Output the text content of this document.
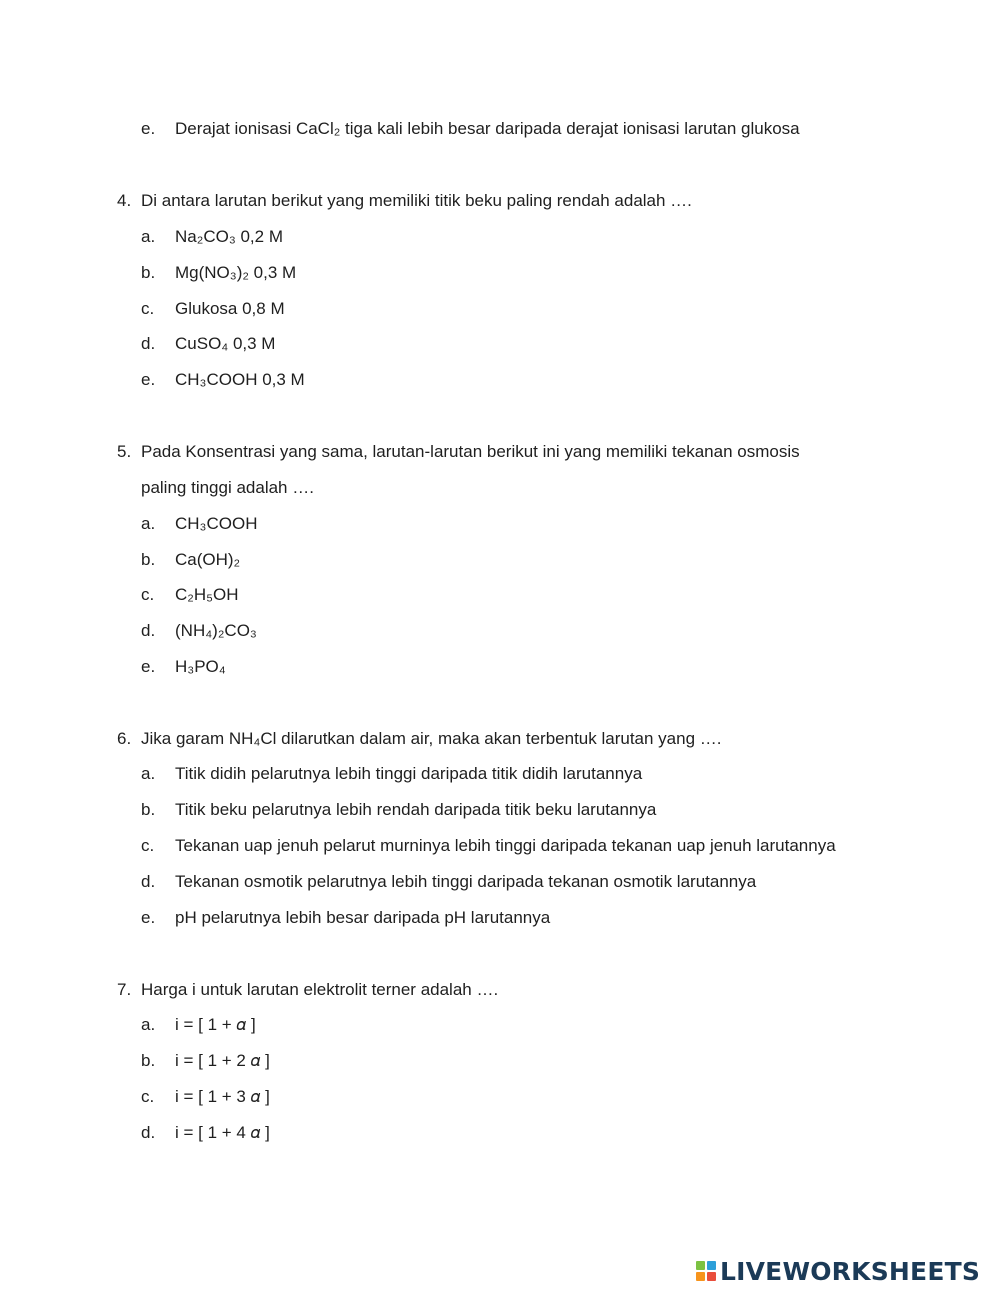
e. Derajat ionisasi CaCl₂ tiga kali lebih besar daripada derajat ionisasi larutan glukosa
4. Di antara larutan berikut yang memiliki titik beku paling rendah adalah ….
a. Na₂CO₃ 0,2 M
b. Mg(NO₃)₂ 0,3 M
c. Glukosa 0,8 M
d. CuSO₄ 0,3 M
e. CH₃COOH 0,3 M
5. Pada Konsentrasi yang sama, larutan-larutan berikut ini yang memiliki tekanan osmosis
paling tinggi adalah ….
a. CH₃COOH
b. Ca(OH)₂
c. C₂H₅OH
d. (NH₄)₂CO₃
e. H₃PO₄
6. Jika garam NH₄Cl dilarutkan dalam air, maka akan terbentuk larutan yang ….
a. Titik didih pelarutnya lebih tinggi daripada titik didih larutannya
b. Titik beku pelarutnya lebih rendah daripada titik beku larutannya
c. Tekanan uap jenuh pelarut murninya lebih tinggi daripada tekanan uap jenuh larutannya
d. Tekanan osmotik pelarutnya lebih tinggi daripada tekanan osmotik larutannya
e. pH pelarutnya lebih besar daripada pH larutannya
7. Harga i untuk larutan elektrolit terner adalah ….
a. i = [ 1 + 𝛼 ]
b. i = [ 1 + 2 𝛼 ]
c. i = [ 1 + 3 𝛼 ]
d. i = [ 1 + 4 𝛼 ]
LIVEWORKSHEETS
